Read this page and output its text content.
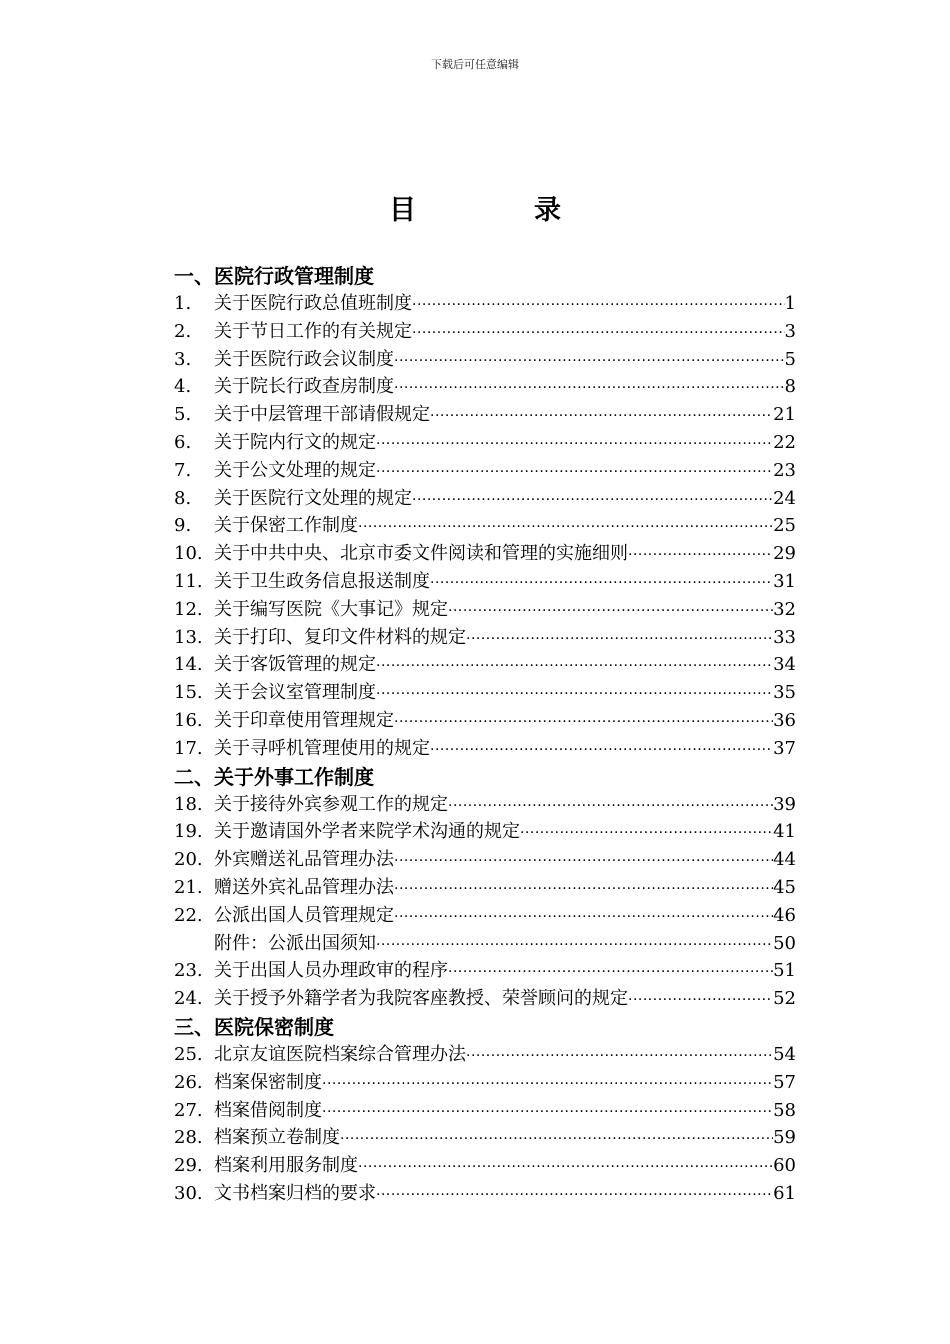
下载后可任意编辑
目	录
一、医院行政管理制度
1.	关于医院行政总值班制度 ·····	1
2.	关于节日工作的有关规定 ·····	3
3.	关于医院行政会议制度 ·····	5
4.	关于院长行政查房制度 ·····	8
5.	关于中层管理干部请假规定 ·····	21
6.	关于院内行文的规定 ·····	22
7.	关于公文处理的规定 ·····	23
8.	关于医院行文处理的规定 ·····	24
9.	关于保密工作制度 ·····	25
10. 关于中共中央、北京市委文件阅读和管理的实施细则 ·····	29
11. 关于卫生政务信息报送制度 ·····	31
12. 关于编写医院《大事记》规定 ·····	32
13. 关于打印、复印文件材料的规定 ·····	33
14. 关于客饭管理的规定 ·····	34
15. 关于会议室管理制度 ·····	35
16. 关于印章使用管理规定 ·····	36
17. 关于寻呼机管理使用的规定 ·····	37
二、关于外事工作制度
18. 关于接待外宾参观工作的规定 ·····	39
19. 关于邀请国外学者来院学术沟通的规定 ·····	41
20. 外宾赠送礼品管理办法 ·····	44
21. 赠送外宾礼品管理办法 ·····	45
22. 公派出国人员管理规定 ·····	46
附件：公派出国须知 ·····	50
23. 关于出国人员办理政审的程序 ·····	51
24. 关于授予外籍学者为我院客座教授、荣誉顾问的规定 ·····	52
三、医院保密制度
25. 北京友谊医院档案综合管理办法 ·····	54
26. 档案保密制度 ·····	57
27. 档案借阅制度 ·····	58
28. 档案预立卷制度 ·····	59
29. 档案利用服务制度 ·····	60
30. 文书档案归档的要求 ·····	61
